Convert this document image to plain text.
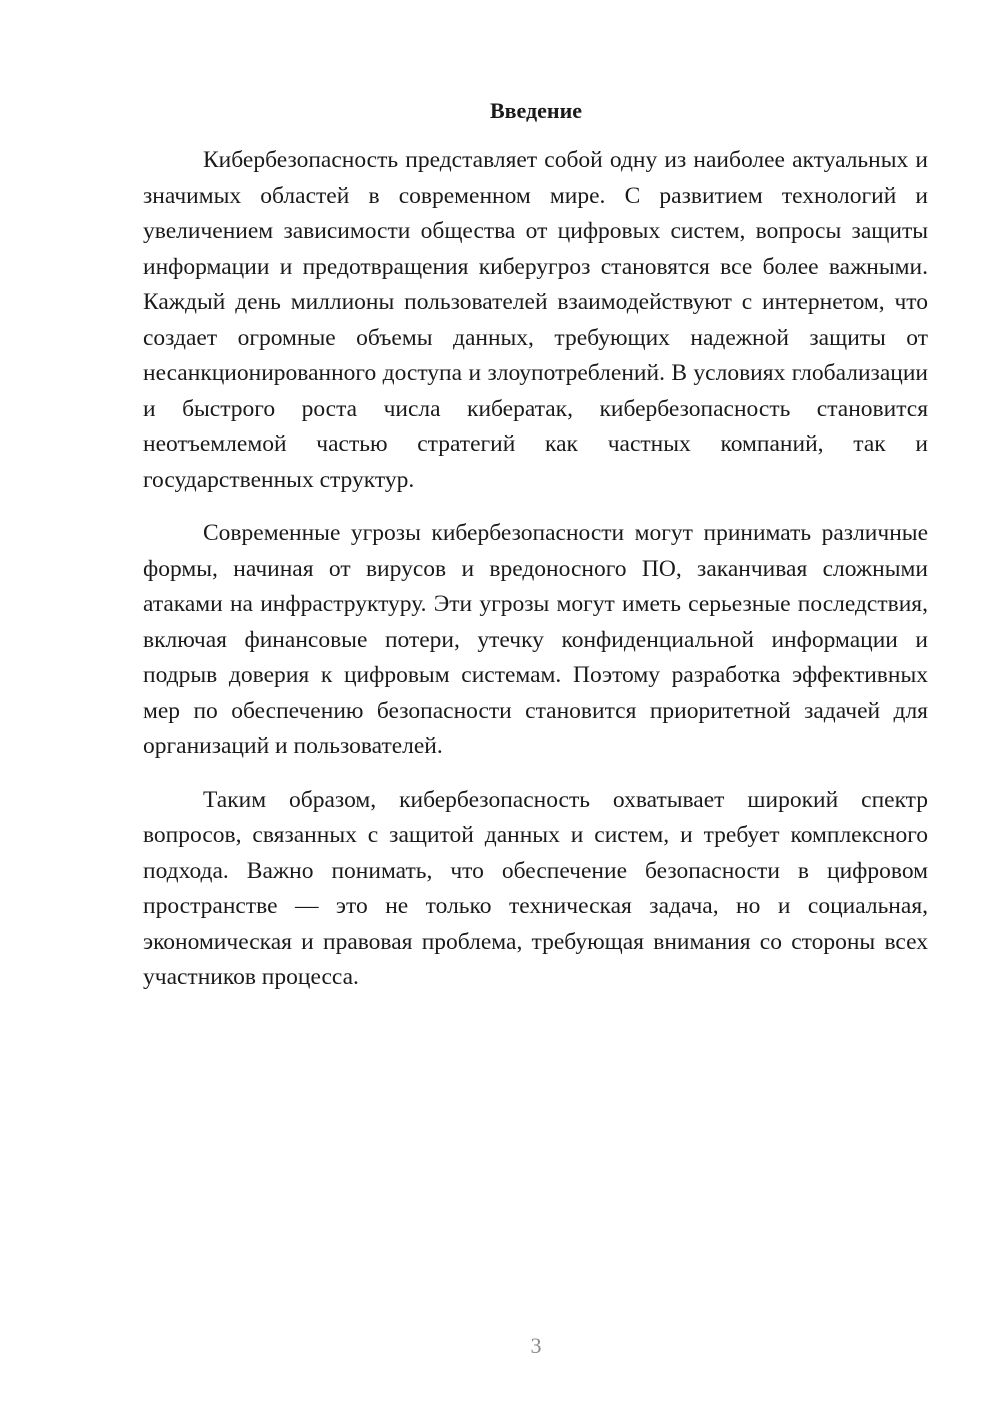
Введение

Кибербезопасность представляет собой одну из наиболее актуальных и значимых областей в современном мире. С развитием технологий и увеличением зависимости общества от цифровых систем, вопросы защиты информации и предотвращения киберугроз становятся все более важными. Каждый день миллионы пользователей взаимодействуют с интернетом, что создает огромные объемы данных, требующих надежной защиты от несанкционированного доступа и злоупотреблений. В условиях глобализации и быстрого роста числа кибератак, кибербезопасность становится неотъемлемой частью стратегий как частных компаний, так и государственных структур.

Современные угрозы кибербезопасности могут принимать различные формы, начиная от вирусов и вредоносного ПО, заканчивая сложными атаками на инфраструктуру. Эти угрозы могут иметь серьезные последствия, включая финансовые потери, утечку конфиденциальной информации и подрыв доверия к цифровым системам. Поэтому разработка эффективных мер по обеспечению безопасности становится приоритетной задачей для организаций и пользователей.

Таким образом, кибербезопасность охватывает широкий спектр вопросов, связанных с защитой данных и систем, и требует комплексного подхода. Важно понимать, что обеспечение безопасности в цифровом пространстве — это не только техническая задача, но и социальная, экономическая и правовая проблема, требующая внимания со стороны всех участников процесса.

3
